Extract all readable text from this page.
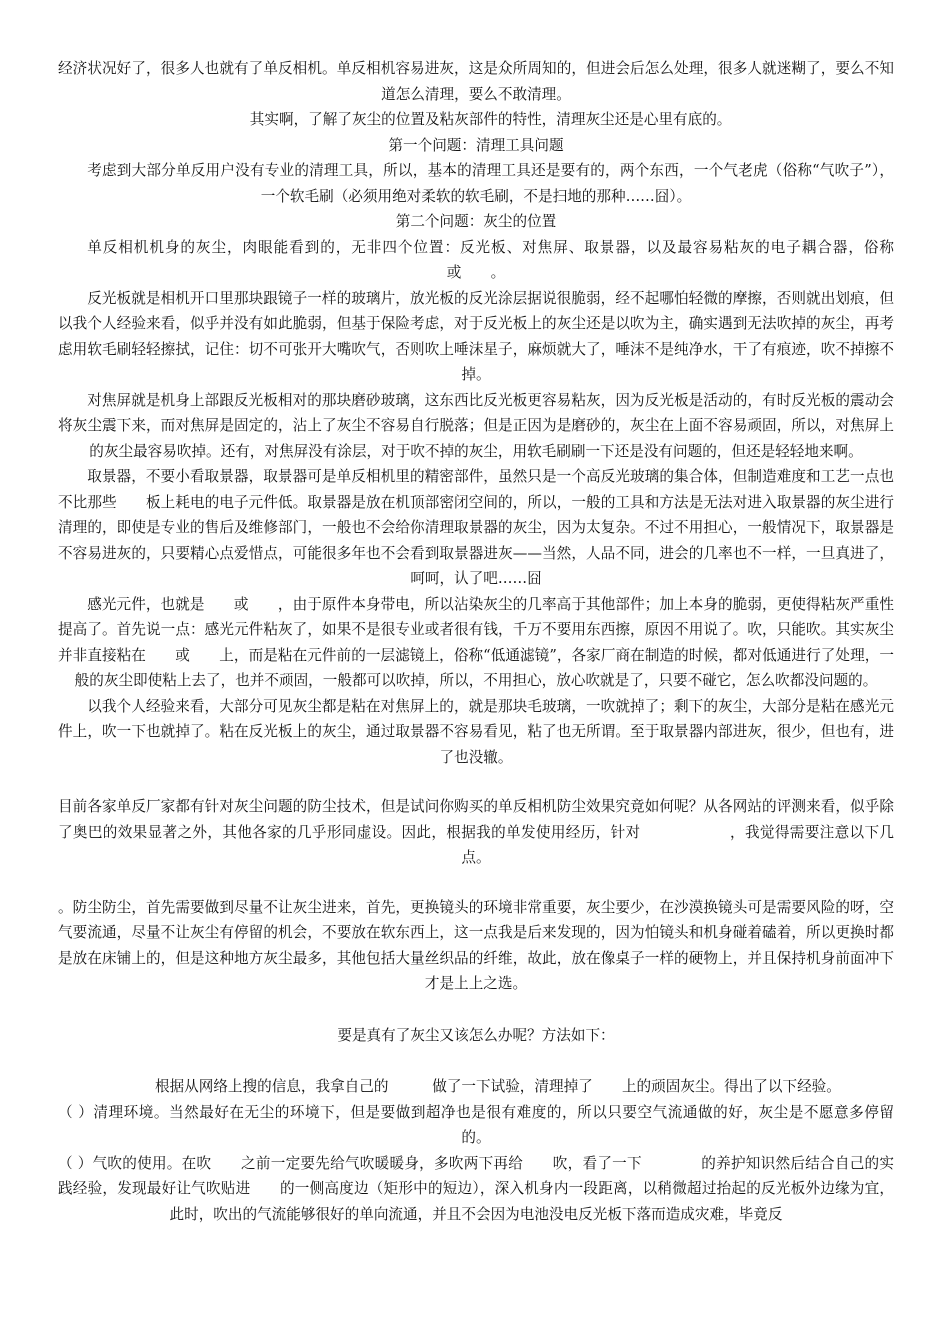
经济状况好了，很多人也就有了单反相机。单反相机容易进灰，这是众所周知的，但进会后怎么处理，很多人就迷糊了，要么不知道怎么清理，要么不敢清理。

其实啊，了解了灰尘的位置及粘灰部件的特性，清理灰尘还是心里有底的。

第一个问题：清理工具问题

考虑到大部分单反用户没有专业的清理工具，所以，基本的清理工具还是要有的，两个东西，一个气老虎（俗称“气吹子”），一个软毛刷（必须用绝对柔软的软毛刷，不是扫地的那种……囧）。

第二个问题：灰尘的位置

单反相机机身的灰尘，肉眼能看到的，无非四个位置：反光板、对焦屏、取景器，以及最容易粘灰的电子耦合器，俗称　　或　　。

反光板就是相机开口里那块跟镜子一样的玻璃片，放光板的反光涂层据说很脆弱，经不起哪怕轻微的摩擦，否则就出划痕，但以我个人经验来看，似乎并没有如此脆弱，但基于保险考虑，对于反光板上的灰尘还是以吹为主，确实遇到无法吹掉的灰尘，再考虑用软毛刷轻轻擦拭，记住：切不可张开大嘴吹气，否则吹上唾沫星子，麻烦就大了，唾沫不是纯净水，干了有痕迹，吹不掉擦不掉。

对焦屏就是机身上部跟反光板相对的那块磨砂玻璃，这东西比反光板更容易粘灰，因为反光板是活动的，有时反光板的震动会将灰尘震下来，而对焦屏是固定的，沾上了灰尘不容易自行脱落；但是正因为是磨砂的，灰尘在上面不容易顽固，所以，对焦屏上的灰尘最容易吹掉。还有，对焦屏没有涂层，对于吹不掉的灰尘，用软毛刷刷一下还是没有问题的，但还是轻轻地来啊。

取景器，不要小看取景器，取景器可是单反相机里的精密部件，虽然只是一个高反光玻璃的集合体，但制造难度和工艺一点也不比那些　　板上耗电的电子元件低。取景器是放在机顶部密闭空间的，所以，一般的工具和方法是无法对进入取景器的灰尘进行清理的，即使是专业的售后及维修部门，一般也不会给你清理取景器的灰尘，因为太复杂。不过不用担心，一般情况下，取景器是不容易进灰的，只要精心点爱惜点，可能很多年也不会看到取景器进灰——当然，人品不同，进会的几率也不一样，一旦真进了，呵呵，认了吧……囧

感光元件，也就是　　或　　，由于原件本身带电，所以沾染灰尘的几率高于其他部件；加上本身的脆弱，更使得粘灰严重性提高了。首先说一点：感光元件粘灰了，如果不是很专业或者很有钱，千万不要用东西擦，原因不用说了。吹，只能吹。其实灰尘并非直接粘在　　或　　上，而是粘在元件前的一层滤镜上，俗称“低通滤镜”，各家厂商在制造的时候，都对低通进行了处理，一般的灰尘即使粘上去了，也并不顽固，一般都可以吹掉，所以，不用担心，放心吹就是了，只要不碰它，怎么吹都没问题的。

以我个人经验来看，大部分可见灰尘都是粘在对焦屏上的，就是那块毛玻璃，一吹就掉了；剩下的灰尘，大部分是粘在感光元件上，吹一下也就掉了。粘在反光板上的灰尘，通过取景器不容易看见，粘了也无所谓。至于取景器内部进灰，很少，但也有，进了也没辙。

目前各家单反厂家都有针对灰尘问题的防尘技术，但是试问你购买的单反相机防尘效果究竟如何呢？从各网站的评测来看，似乎除了奥巴的效果显著之外，其他各家的几乎形同虚设。因此，根据我的单发使用经历，针对　　　　　　，我觉得需要注意以下几点。

。防尘防尘，首先需要做到尽量不让灰尘进来，首先，更换镜头的环境非常重要，灰尘要少，在沙漠换镜头可是需要风险的呀，空气要流通，尽量不让灰尘有停留的机会，不要放在软东西上，这一点我是后来发现的，因为怕镜头和机身碰着磕着，所以更换时都是放在床铺上的，但是这种地方灰尘最多，其他包括大量丝织品的纤维，故此，放在像桌子一样的硬物上，并且保持机身前面冲下才是上上之选。

要是真有了灰尘又该怎么办呢？方法如下：

根据从网络上搜的信息，我拿自己的　　　做了一下试验，清理掉了　　上的顽固灰尘。得出了以下经验。

（ ）清理环境。当然最好在无尘的环境下，但是要做到超净也是很有难度的，所以只要空气流通做的好，灰尘是不愿意多停留的。

（ ）气吹的使用。在吹　　之前一定要先给气吹暖暖身，多吹两下再给　　吹，看了一下　　　　的养护知识然后结合自己的实践经验，发现最好让气吹贴进　　的一侧高度边（矩形中的短边），深入机身内一段距离，以稍微超过抬起的反光板外边缘为宜，此时，吹出的气流能够很好的单向流通，并且不会因为电池没电反光板下落而造成灾难，毕竟反
